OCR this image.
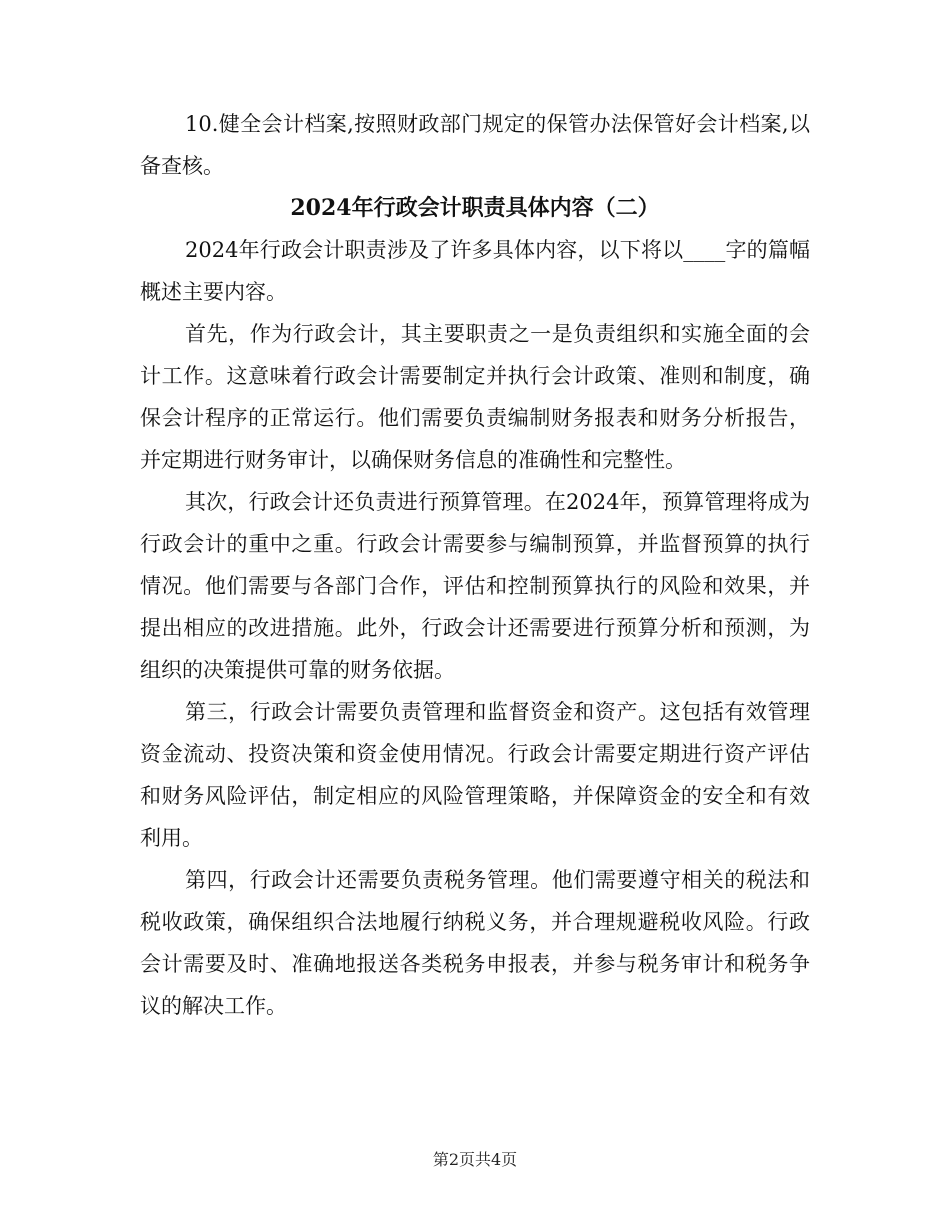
10.健全会计档案,按照财政部门规定的保管办法保管好会计档案,以备查核。

2024年行政会计职责具体内容（二）

2024年行政会计职责涉及了许多具体内容，以下将以____字的篇幅概述主要内容。

首先，作为行政会计，其主要职责之一是负责组织和实施全面的会计工作。这意味着行政会计需要制定并执行会计政策、准则和制度，确保会计程序的正常运行。他们需要负责编制财务报表和财务分析报告，并定期进行财务审计，以确保财务信息的准确性和完整性。

其次，行政会计还负责进行预算管理。在2024年，预算管理将成为行政会计的重中之重。行政会计需要参与编制预算，并监督预算的执行情况。他们需要与各部门合作，评估和控制预算执行的风险和效果，并提出相应的改进措施。此外，行政会计还需要进行预算分析和预测，为组织的决策提供可靠的财务依据。

第三，行政会计需要负责管理和监督资金和资产。这包括有效管理资金流动、投资决策和资金使用情况。行政会计需要定期进行资产评估和财务风险评估，制定相应的风险管理策略，并保障资金的安全和有效利用。

第四，行政会计还需要负责税务管理。他们需要遵守相关的税法和税收政策，确保组织合法地履行纳税义务，并合理规避税收风险。行政会计需要及时、准确地报送各类税务申报表，并参与税务审计和税务争议的解决工作。

第2页共4页
